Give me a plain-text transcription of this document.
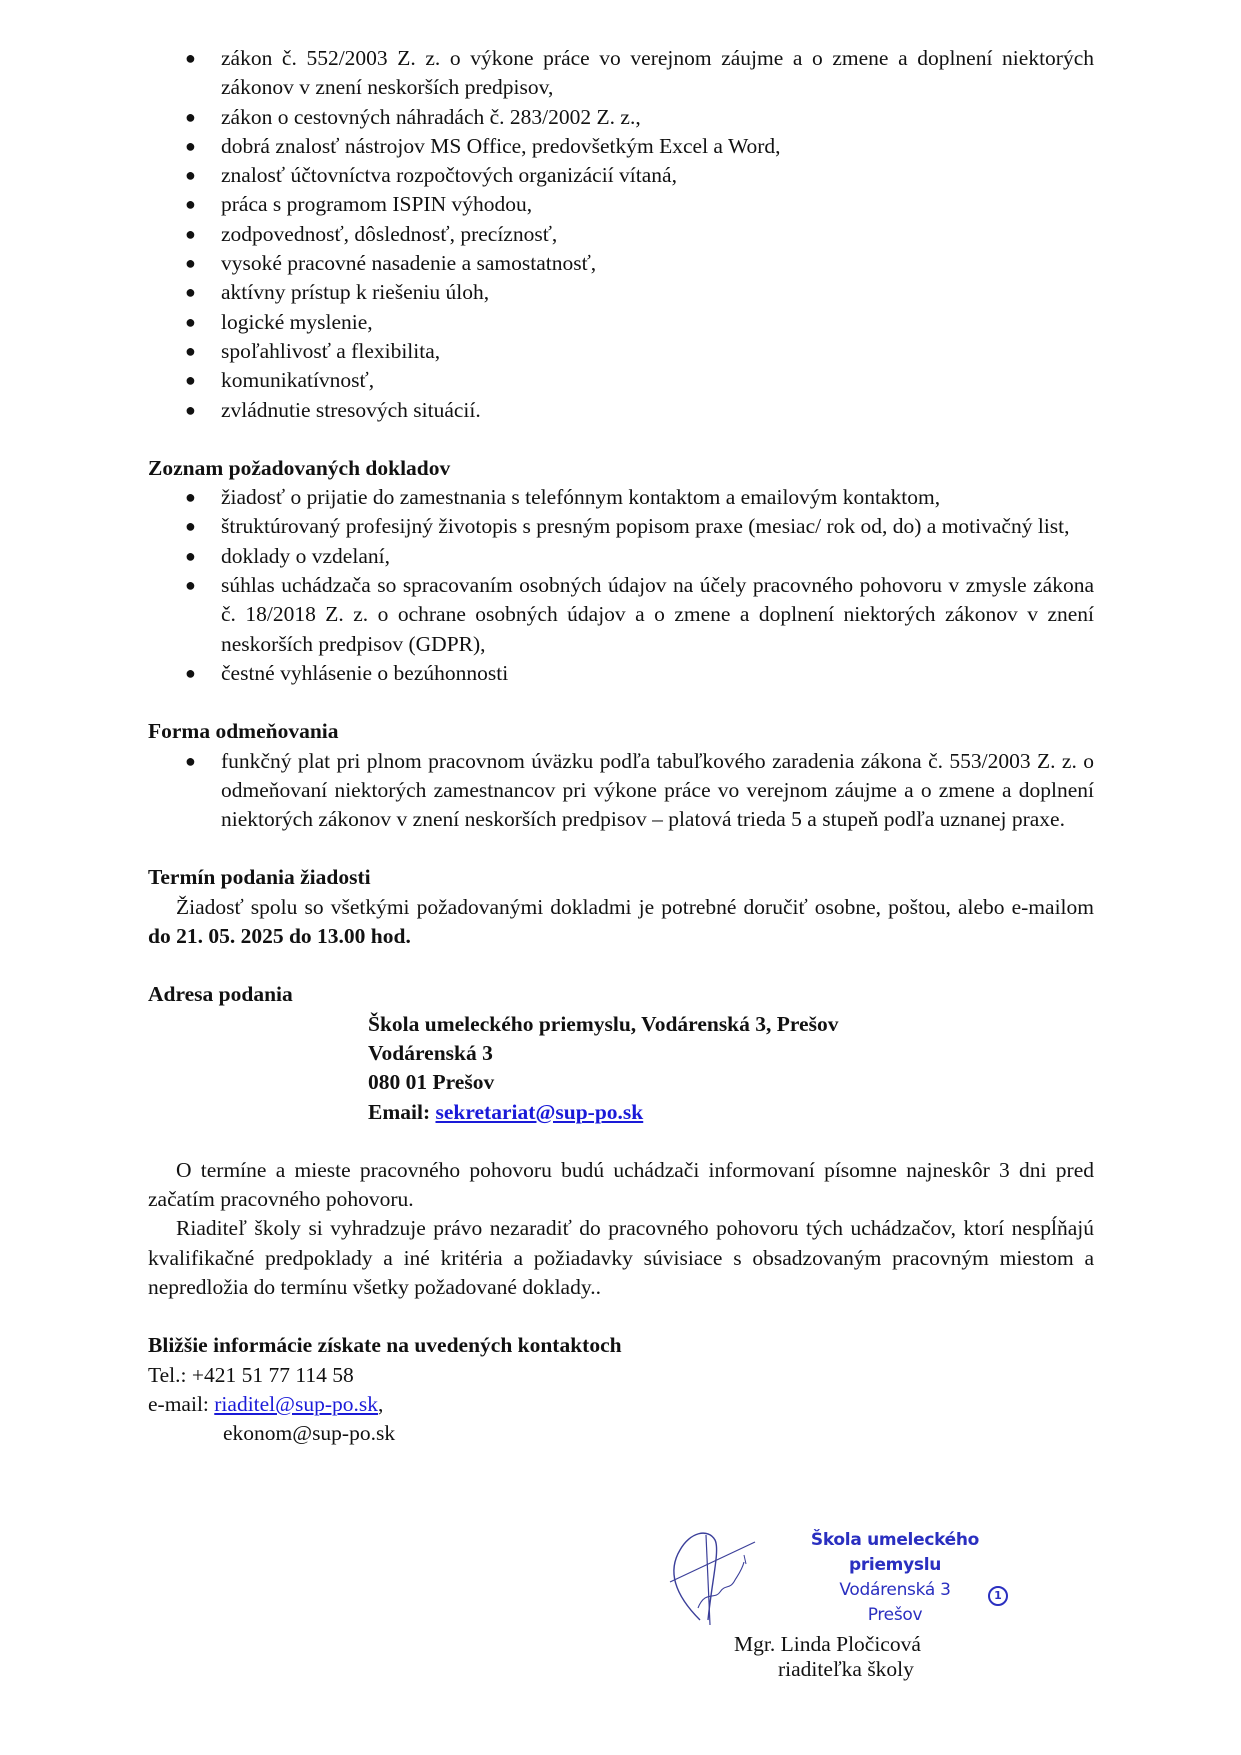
● zákon č. 552/2003 Z. z. o výkone práce vo verejnom záujme a o zmene a doplnení niektorých zákonov v znení neskorších predpisov,
● zákon o cestovných náhradách č. 283/2002 Z. z.,
● dobrá znalosť nástrojov MS Office, predovšetkým Excel a Word,
● znalosť účtovníctva rozpočtových organizácií vítaná,
● práca s programom ISPIN výhodou,
● zodpovednosť, dôslednosť, precíznosť,
● vysoké pracovné nasadenie a samostatnosť,
● aktívny prístup k riešeniu úloh,
● logické myslenie,
● spoľahlivosť a flexibilita,
● komunikatívnosť,
● zvládnutie stresových situácií.
Zoznam požadovaných dokladov
● žiadosť o prijatie do zamestnania s telefónnym kontaktom a emailovým kontaktom,
● štruktúrovaný profesijný životopis s presným popisom praxe (mesiac/ rok od, do) a motivačný list,
● doklady o vzdelaní,
● súhlas uchádzača so spracovaním osobných údajov na účely pracovného pohovoru v zmysle zákona č. 18/2018 Z. z. o ochrane osobných údajov a o zmene a doplnení niektorých zákonov v znení neskorších predpisov (GDPR),
● čestné vyhlásenie o bezúhonnosti
Forma odmeňovania
● funkčný plat pri plnom pracovnom úväzku podľa tabuľkového zaradenia zákona č. 553/2003 Z. z. o odmeňovaní niektorých zamestnancov pri výkone práce vo verejnom záujme a o zmene a doplnení niektorých zákonov v znení neskorších predpisov – platová trieda 5 a stupeň podľa uznanej praxe.
Termín podania žiadosti
Žiadosť spolu so všetkými požadovanými dokladmi je potrebné doručiť osobne, poštou, alebo e-mailom do 21. 05. 2025 do 13.00 hod.
Adresa podania
Škola umeleckého priemyslu, Vodárenská 3, Prešov
Vodárenská 3
080 01 Prešov
Email: sekretariat@sup-po.sk
O termíne a mieste pracovného pohovoru budú uchádzači informovaní písomne najneskôr 3 dni pred začatím pracovného pohovoru.
Riaditeľ školy si vyhradzuje právo nezaradiť do pracovného pohovoru tých uchádzačov, ktorí nespĺňajú kvalifikačné predpoklady a iné kritéria a požiadavky súvisiace s obsadzovaným pracovným miestom a nepredložia do termínu všetky požadované doklady..
Bližšie informácie získate na uvedených kontaktoch
Tel.: +421 51 77 114 58
e-mail: riaditel@sup-po.sk,
ekonom@sup-po.sk
Škola umeleckého priemyslu
Vodárenská 3
Prešov
1
Mgr. Linda Pločicová
riaditeľka školy
